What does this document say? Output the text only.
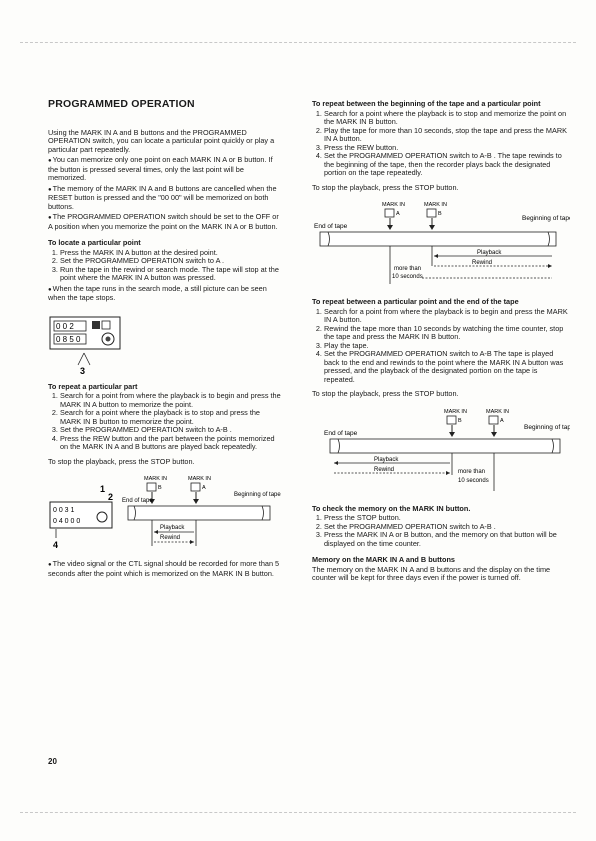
PROGRAMMED OPERATION

Using the MARK IN A and B buttons and the PROGRAMMED OPERATION switch, you can locate a particular point quickly or play a particular part repeatedly.

● You can memorize only one point on each MARK IN A or B button. If the button is pressed several times, only the last point will be memorized.

● The memory of the MARK IN A and B buttons are cancelled when the RESET button is pressed and the "00 00" will be memorized on both buttons.

● The PROGRAMMED OPERATION switch should be set to the OFF or A position when you memorize the point on the MARK IN A or B button.

To locate a particular point
1. Press the MARK IN A button at the desired point.
2. Set the PROGRAMMED OPERATION switch to A .
3. Run the tape in the rewind or search mode. The tape will stop at the point where the MARK IN A button was pressed.

● When the tape runs in the search mode, a still picture can be seen when the tape stops.

0 0 2
0 8 5 0
3
To repeat a particular part
1. Search for a point from where the playback is to begin and press the MARK IN A button to memorize the point.
2. Search for a point where the playback is to stop and press the MARK IN B button to memorize the point.
3. Set the PROGRAMMED OPERATION switch to A-B .
4. Press the REW button and the part between the points memorized on the MARK IN A and B buttons are played back repeatedly.

To stop the playback, press the STOP button.

1
2
0 0 3 1
0 4 0 0 0
4
MARK IN	MARK IN
B	A
End of tape
Beginning of tape
Playback
Rewind

● The video signal or the CTL signal should be recorded for more than 5 seconds after the point which is memorized on the MARK IN B button.

20
To repeat between the beginning of the tape and a particular point
1. Search for a point where the playback is to stop and memorize the point on the MARK IN B button.
2. Play the tape for more than 10 seconds, stop the tape and press the MARK IN A button.
3. Press the REW button.
4. Set the PROGRAMMED OPERATION switch to A-B . The tape rewinds to the beginning of the tape, then the recorder plays back the designated portion on the tape repeatedly.

To stop the playback, press the STOP button.

MARK IN	MARK IN
A	B
End of tape
Beginning of tape
Playback
Rewind
more than
10 seconds
To repeat between a particular point and the end of the tape
1. Search for a point from where the playback is to begin and press the MARK IN A button.
2. Rewind the tape more than 10 seconds by watching the time counter, stop the tape and press the MARK IN B button.
3. Play the tape.
4. Set the PROGRAMMED OPERATION switch to A-B The tape is played back to the end and rewinds to the point where the MARK IN A button was pressed, and the playback of the designated portion on the tape is repeated.

To stop the playback, press the STOP button.

MARK IN	MARK IN
B	A
End of tape
Beginning of tape
Playback
Rewind	more than
10 seconds
To check the memory on the MARK IN button.
1. Press the STOP button.
2. Set the PROGRAMMED OPERATION switch to A-B .
3. Press the MARK IN A or B button, and the memory on that button will be displayed on the time counter.
Memory on the MARK IN A and B buttons

The memory on the MARK IN A and B buttons and the display on the time counter will be kept for three days even if the power is turned off.
